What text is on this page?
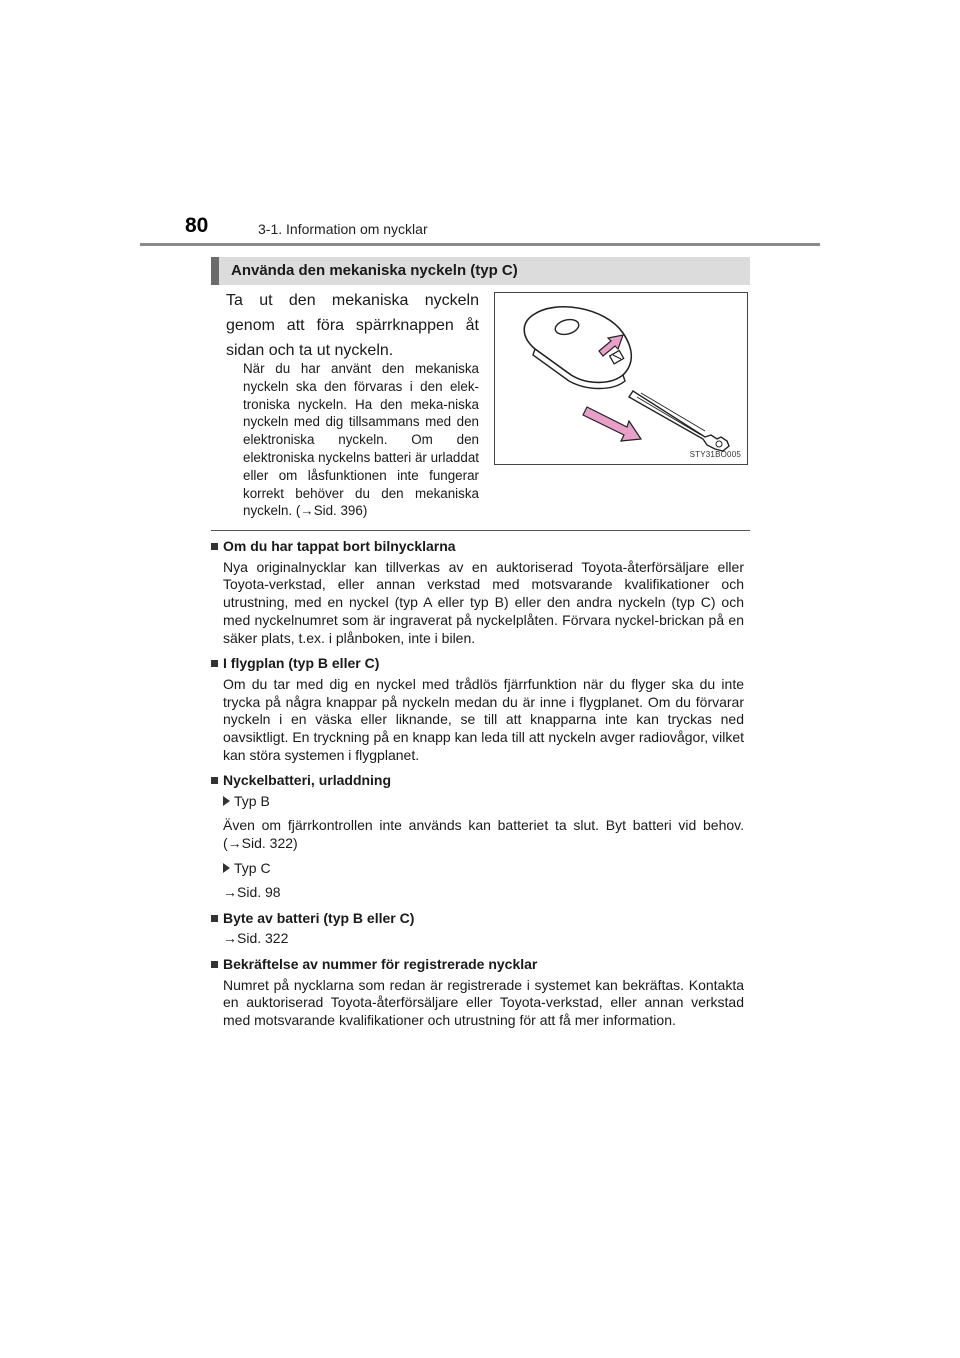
80	3-1. Information om nycklar
Använda den mekaniska nyckeln (typ C)

Ta ut den mekaniska nyckeln genom att föra spärrknappen åt sidan och ta ut nyckeln.

När du har använt den mekaniska nyckeln ska den förvaras i den elek-troniska nyckeln. Ha den meka-niska nyckeln med dig tillsammans med den elektroniska nyckeln. Om den elektroniska nyckelns batteri är urladdat eller om låsfunktionen inte fungerar korrekt behöver du den mekaniska nyckeln. (→Sid. 396)

STY31BO005
Om du har tappat bort bilnycklarna

Nya originalnycklar kan tillverkas av en auktoriserad Toyota-återförsäljare eller Toyota-verkstad, eller annan verkstad med motsvarande kvalifikationer och utrustning, med en nyckel (typ A eller typ B) eller den andra nyckeln (typ C) och med nyckelnumret som är ingraverat på nyckelplåten. Förvara nyckel-brickan på en säker plats, t.ex. i plånboken, inte i bilen.

I flygplan (typ B eller C)

Om du tar med dig en nyckel med trådlös fjärrfunktion när du flyger ska du inte trycka på några knappar på nyckeln medan du är inne i flygplanet. Om du förvarar nyckeln i en väska eller liknande, se till att knapparna inte kan tryckas ned oavsiktligt. En tryckning på en knapp kan leda till att nyckeln avger radiovågor, vilket kan störa systemen i flygplanet.

Nyckelbatteri, urladdning
Typ B

Även om fjärrkontrollen inte används kan batteriet ta slut. Byt batteri vid behov. (→Sid. 322)

Typ C

→Sid. 98

Byte av batteri (typ B eller C)

→Sid. 322

Bekräftelse av nummer för registrerade nycklar

Numret på nycklarna som redan är registrerade i systemet kan bekräftas. Kontakta en auktoriserad Toyota-återförsäljare eller Toyota-verkstad, eller annan verkstad med motsvarande kvalifikationer och utrustning för att få mer information.
